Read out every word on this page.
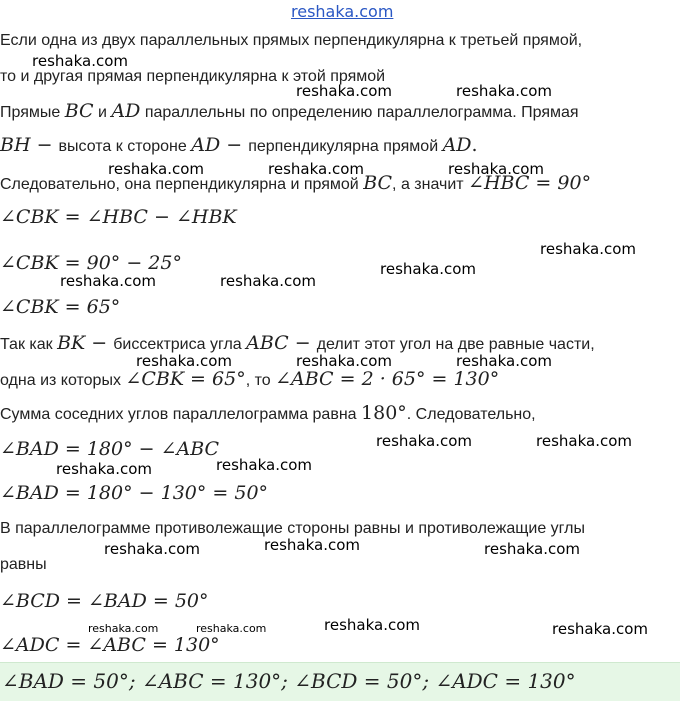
reshaka.com
Если одна из двух параллельных прямых перпендикулярна к третьей прямой,
то и другая прямая перпендикулярна к этой прямой
Прямые BC и AD параллельны по определению параллелограмма. Прямая
BH − высота к стороне AD − перпендикулярна прямой AD.
Следовательно, она перпендикулярна и прямой BC, а значит ∠HBC = 90°
∠CBK = ∠HBC − ∠HBK
∠CBK = 90° − 25°
∠CBK = 65°
Так как BK − биссектриса угла ABC − делит этот угол на две равные части,
одна из которых ∠CBK = 65°, то ∠ABC = 2 · 65° = 130°
Сумма соседних углов параллелограмма равна 180°. Следовательно,
∠BAD = 180° − ∠ABC
∠BAD = 180° − 130° = 50°
В параллелограмме противолежащие стороны равны и противолежащие углы
равны
∠BCD = ∠BAD = 50°
∠ADC = ∠ABC = 130°
∠BAD = 50°; ∠ABC = 130°; ∠BCD = 50°; ∠ADC = 130°
reshaka.com
reshaka.com	reshaka.com
reshaka.com	reshaka.com	reshaka.com
reshaka.com
reshaka.com
reshaka.com	reshaka.com
reshaka.com	reshaka.com	reshaka.com
reshaka.com	reshaka.com
reshaka.com	reshaka.com
reshaka.com	reshaka.com	reshaka.com
reshaka.com	reshaka.com	reshaka.com	reshaka.com
